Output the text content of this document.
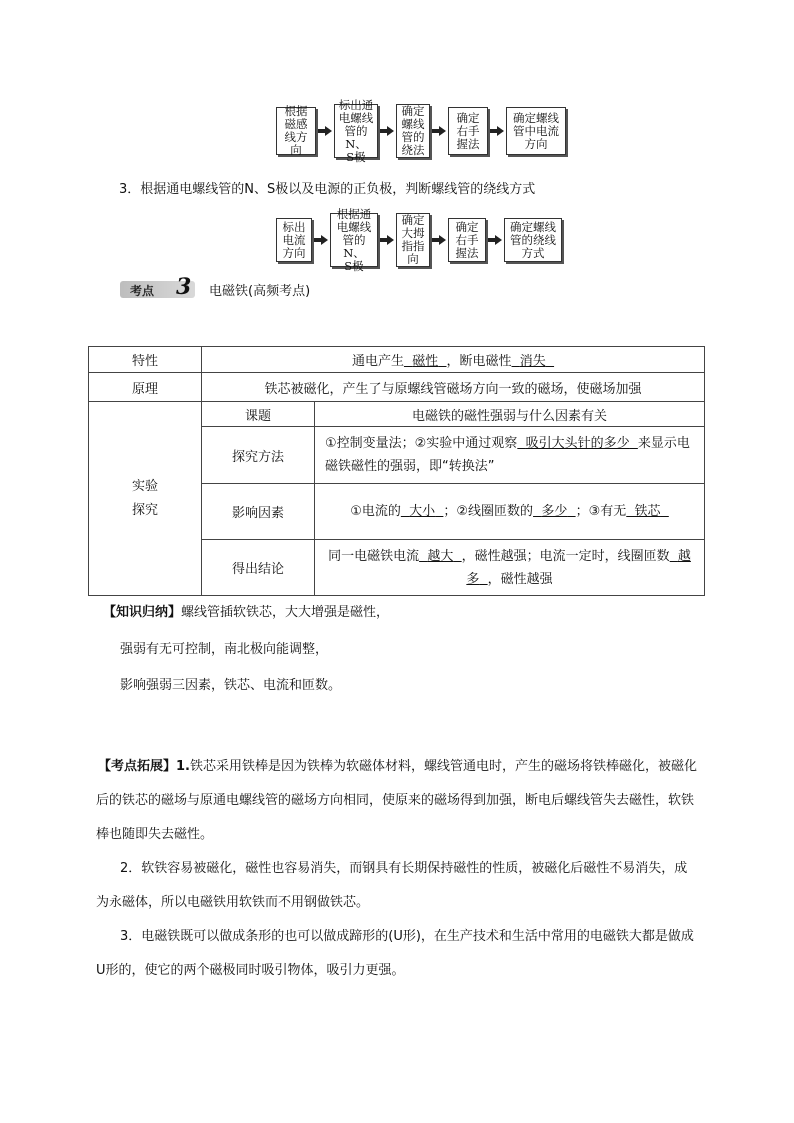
根据
磁感
线方向
标出通
电螺线
管的N、
S极
确定
螺线
管的
绕法
确定
右手
握法
确定螺线
管中电流
方向
3．根据通电螺线管的N、S极以及电源的正负极，判断螺线管的绕线方式
标出
电流
方向
根据通
电螺线
管的N、
S极
确定
大拇
指指
向
确定
右手
握法
确定螺线
管的绕线
方式
考点 3 电磁铁(高频考点)
特性	通电产生 磁性 ，断电磁性 消失	
原理	铁芯被磁化，产生了与原螺线管磁场方向一致的磁场，使磁场加强	
实验
探究	课题	电磁铁的磁性强弱与什么因素有关
	探究方法	①控制变量法；②实验中通过观察 吸引大头针的多少 来显示电磁铁磁性的强弱，即“转换法”
	影响因素	①电流的 大小 ；②线圈匝数的 多少 ；③有无 铁芯
	得出结论	同一电磁铁电流 越大 ，磁性越强；电流一定时，线圈匝数 越多 ，磁性越强
【知识归纳】螺线管插软铁芯，大大增强是磁性，
强弱有无可控制，南北极向能调整，
影响强弱三因素，铁芯、电流和匝数。
【考点拓展】1.铁芯采用铁棒是因为铁棒为软磁体材料，螺线管通电时，产生的磁场将铁棒磁化，被磁化后的铁芯的磁场与原通电螺线管的磁场方向相同，使原来的磁场得到加强，断电后螺线管失去磁性，软铁棒也随即失去磁性。
2．软铁容易被磁化，磁性也容易消失，而钢具有长期保持磁性的性质，被磁化后磁性不易消失，成为永磁体，所以电磁铁用软铁而不用钢做铁芯。
3．电磁铁既可以做成条形的也可以做成蹄形的(U形)，在生产技术和生活中常用的电磁铁大都是做成U形的，使它的两个磁极同时吸引物体，吸引力更强。
